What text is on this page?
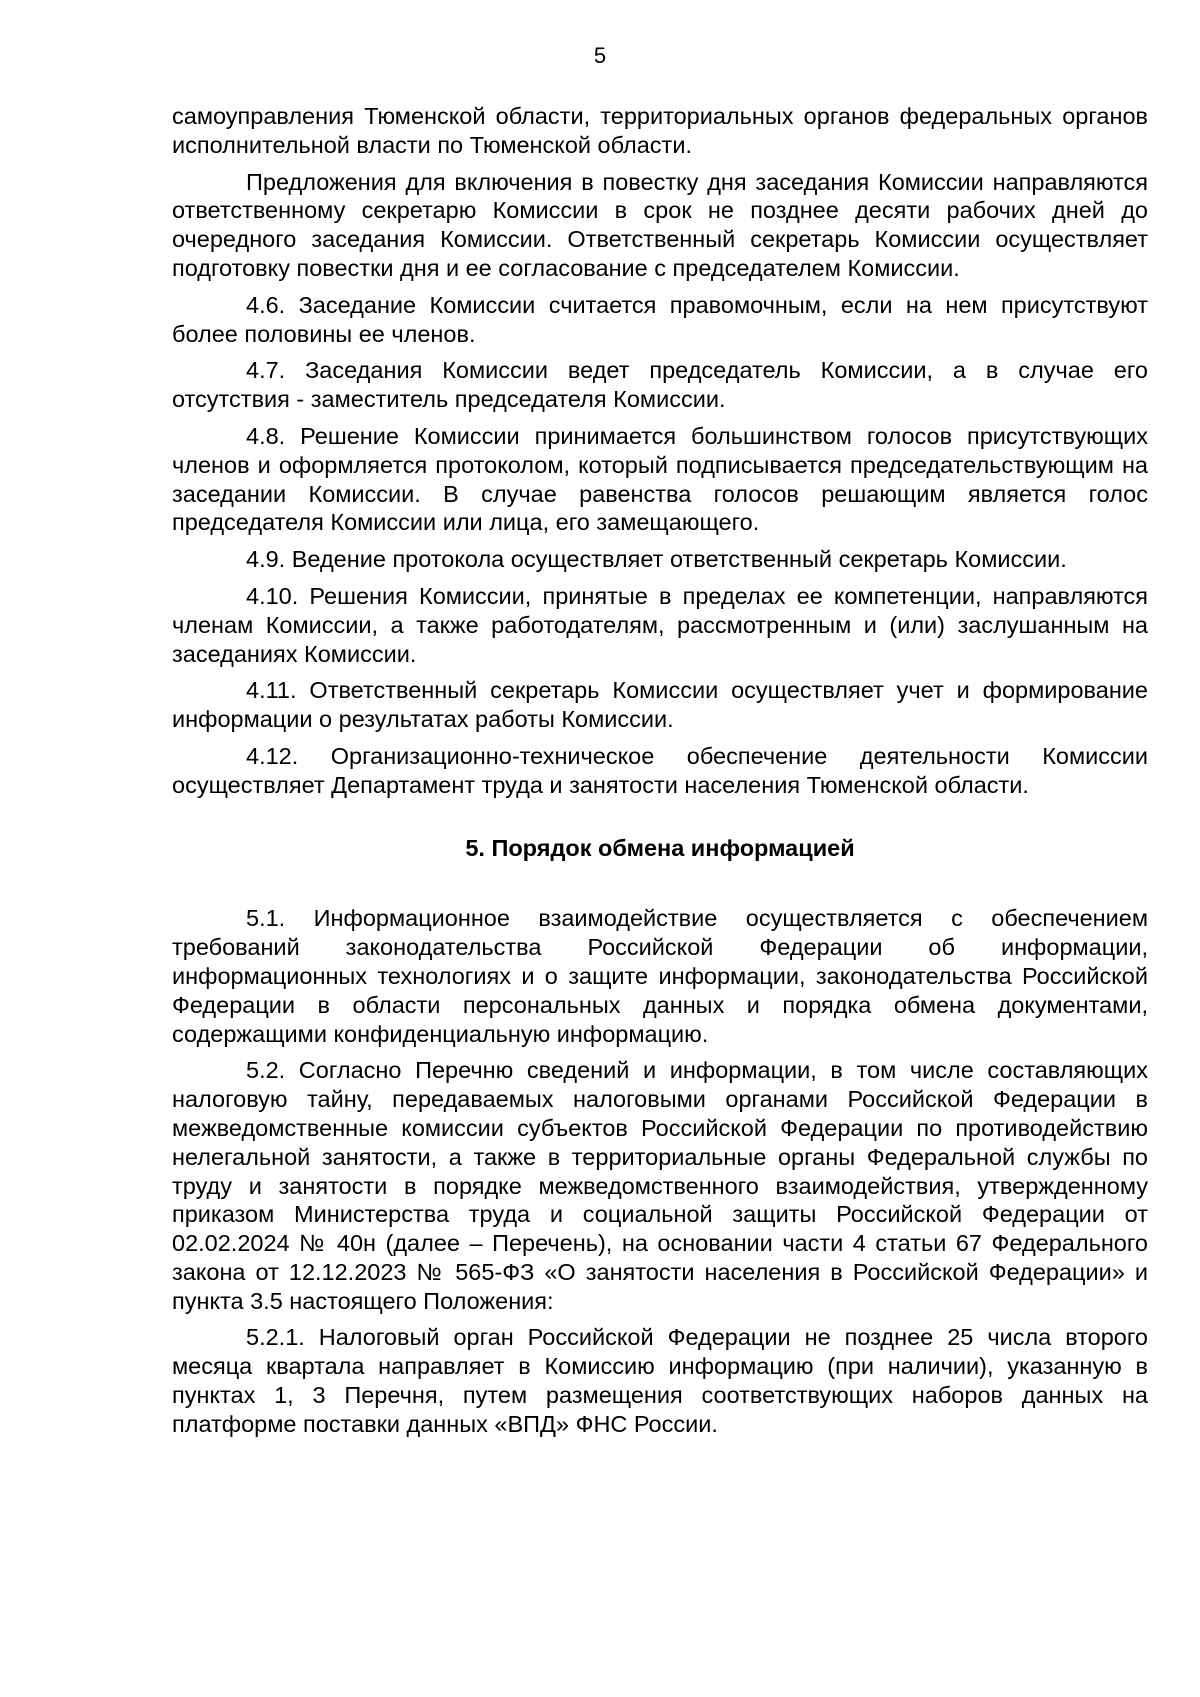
5

самоуправления Тюменской области, территориальных органов федеральных органов исполнительной власти по Тюменской области.

Предложения для включения в повестку дня заседания Комиссии направляются ответственному секретарю Комиссии в срок не позднее десяти рабочих дней до очередного заседания Комиссии. Ответственный секретарь Комиссии осуществляет подготовку повестки дня и ее согласование с председателем Комиссии.

4.6. Заседание Комиссии считается правомочным, если на нем присутствуют более половины ее членов.

4.7. Заседания Комиссии ведет председатель Комиссии, а в случае его отсутствия - заместитель председателя Комиссии.

4.8. Решение Комиссии принимается большинством голосов присутствующих членов и оформляется протоколом, который подписывается председательствующим на заседании Комиссии. В случае равенства голосов решающим является голос председателя Комиссии или лица, его замещающего.

4.9. Ведение протокола осуществляет ответственный секретарь Комиссии.

4.10. Решения Комиссии, принятые в пределах ее компетенции, направляются членам Комиссии, а также работодателям, рассмотренным и (или) заслушанным на заседаниях Комиссии.

4.11. Ответственный секретарь Комиссии осуществляет учет и формирование информации о результатах работы Комиссии.

4.12. Организационно-техническое обеспечение деятельности Комиссии осуществляет Департамент труда и занятости населения Тюменской области.

5. Порядок обмена информацией

5.1. Информационное взаимодействие осуществляется с обеспечением требований законодательства Российской Федерации об информации, информационных технологиях и о защите информации, законодательства Российской Федерации в области персональных данных и порядка обмена документами, содержащими конфиденциальную информацию.

5.2. Согласно Перечню сведений и информации, в том числе составляющих налоговую тайну, передаваемых налоговыми органами Российской Федерации в межведомственные комиссии субъектов Российской Федерации по противодействию нелегальной занятости, а также в территориальные органы Федеральной службы по труду и занятости в порядке межведомственного взаимодействия, утвержденному приказом Министерства труда и социальной защиты Российской Федерации от 02.02.2024 № 40н (далее – Перечень), на основании части 4 статьи 67 Федерального закона от 12.12.2023 № 565-ФЗ «О занятости населения в Российской Федерации» и пункта 3.5 настоящего Положения:

5.2.1. Налоговый орган Российской Федерации не позднее 25 числа второго месяца квартала направляет в Комиссию информацию (при наличии), указанную в пунктах 1, 3 Перечня, путем размещения соответствующих наборов данных на платформе поставки данных «ВПД» ФНС России.
